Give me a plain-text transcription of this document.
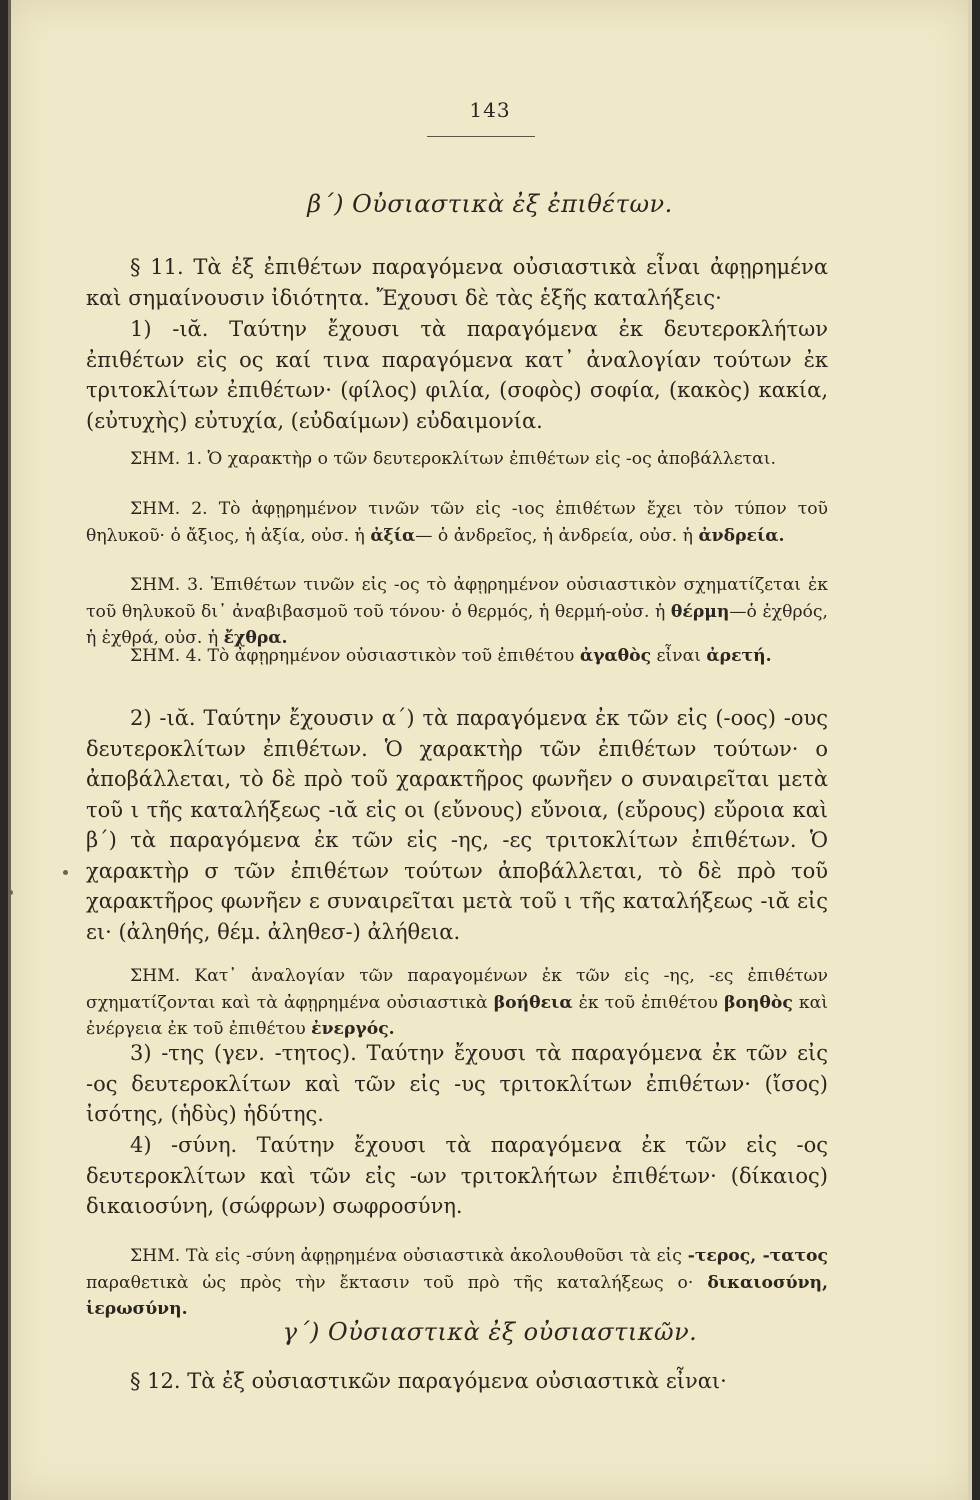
143
β΄) Οὐσιαστικὰ ἐξ ἐπιθέτων.

§ 11. Τὰ ἐξ ἐπιθέτων παραγόμενα οὐσιαστικὰ εἶναι ἀφῃρημένα καὶ σημαίνουσιν ἰδιότητα. Ἔχουσι δὲ τὰς ἑξῆς καταλήξεις·

1) -ιᾰ. Ταύτην ἔχουσι τὰ παραγόμενα ἐκ δευτεροκλήτων ἐπιθέτων εἰς ος καί τινα παραγόμενα κατ᾽ ἀναλογίαν τούτων ἐκ τριτοκλίτων ἐπιθέτων· (φίλος) φιλία, (σοφὸς) σοφία, (κακὸς) κακία, (εὐτυχὴς) εὐτυχία, (εὐδαίμων) εὐδαιμονία.

ΣΗΜ. 1. Ὁ χαρακτὴρ ο τῶν δευτεροκλίτων ἐπιθέτων εἰς -ος ἀποβάλλεται.

ΣΗΜ. 2. Τὸ ἀφῃρημένον τινῶν τῶν εἰς -ιος ἐπιθέτων ἔχει τὸν τύπον τοῦ θηλυκοῦ· ὁ ἄξιος, ἡ ἀξία, οὐσ. ἡ ἀξία— ὁ ἀνδρεῖος, ἡ ἀνδρεία, οὐσ. ἡ ἀνδρεία.

ΣΗΜ. 3. Ἐπιθέτων τινῶν εἰς -ος τὸ ἀφῃρημένον οὐσιαστικὸν σχηματίζεται ἐκ τοῦ θηλυκοῦ δι᾽ ἀναβιβασμοῦ τοῦ τόνου· ὁ θερμός, ἡ θερμή-οὐσ. ἡ θέρμη—ὁ ἐχθρός, ἡ ἐχθρά, οὐσ. ἡ ἔχθρα.

ΣΗΜ. 4. Τὸ ἀφῃρημένον οὐσιαστικὸν τοῦ ἐπιθέτου ἀγαθὸς εἶναι ἀρετή.

2) -ιᾰ. Ταύτην ἔχουσιν α΄) τὰ παραγόμενα ἐκ τῶν εἰς (-οος) -ους δευτεροκλίτων ἐπιθέτων. Ὁ χαρακτὴρ τῶν ἐπιθέτων τούτων· ο ἀποβάλλεται, τὸ δὲ πρὸ τοῦ χαρακτῆρος φωνῆεν ο συναιρεῖται μετὰ τοῦ ι τῆς καταλήξεως -ιᾰ εἰς οι (εὔνους) εὔνοια, (εὔρους) εὔροια καὶ β΄) τὰ παραγόμενα ἐκ τῶν εἰς -ης, -ες τριτοκλίτων ἐπιθέτων. Ὁ χαρακτὴρ σ τῶν ἐπιθέτων τούτων ἀποβάλλεται, τὸ δὲ πρὸ τοῦ χαρακτῆρος φωνῆεν ε συναιρεῖται μετὰ τοῦ ι τῆς καταλήξεως -ιᾰ εἰς ει· (ἀληθής, θέμ. ἀληθεσ-) ἀλήθεια.

ΣΗΜ. Κατ᾽ ἀναλογίαν τῶν παραγομένων ἐκ τῶν εἰς -ης, -ες ἐπιθέτων σχηματίζονται καὶ τὰ ἀφῃρημένα οὐσιαστικὰ βοήθεια ἐκ τοῦ ἐπιθέτου βοηθὸς καὶ ἐνέργεια ἐκ τοῦ ἐπιθέτου ἐνεργός.

3) -της (γεν. -τητος). Ταύτην ἔχουσι τὰ παραγόμενα ἐκ τῶν εἰς -ος δευτεροκλίτων καὶ τῶν εἰς -υς τριτοκλίτων ἐπιθέτων· (ἴσος) ἰσότης, (ἡδὺς) ἡδύτης.

4) -σύνη. Ταύτην ἔχουσι τὰ παραγόμενα ἐκ τῶν εἰς -ος δευτεροκλίτων καὶ τῶν εἰς -ων τριτοκλήτων ἐπιθέτων· (δίκαιος) δικαιοσύνη, (σώφρων) σωφροσύνη.

ΣΗΜ. Τὰ εἰς -σύνη ἀφῃρημένα οὐσιαστικὰ ἀκολουθοῦσι τὰ εἰς -τερος, -τατος παραθετικὰ ὡς πρὸς τὴν ἔκτασιν τοῦ πρὸ τῆς καταλήξεως ο· δικαιοσύνη, ἱερωσύνη.

γ΄) Οὐσιαστικὰ ἐξ οὐσιαστικῶν.

§ 12. Τὰ ἐξ οὐσιαστικῶν παραγόμενα οὐσιαστικὰ εἶναι·
